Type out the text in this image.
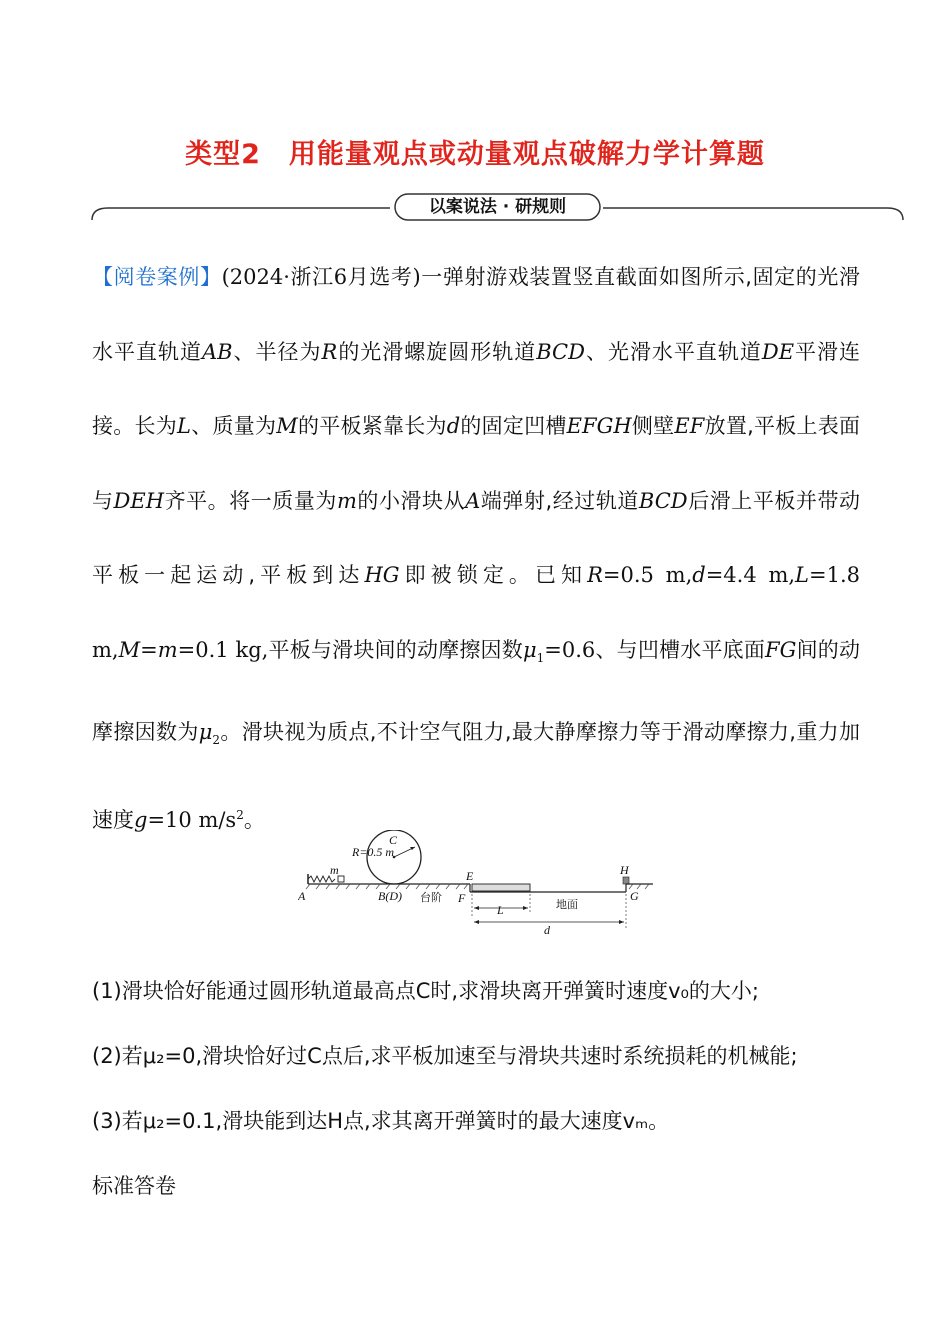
类型2　用能量观点或动量观点破解力学计算题
以案说法 · 研规则
【阅卷案例】(2024·浙江6月选考)一弹射游戏装置竖直截面如图所示,固定的光滑水平直轨道AB、半径为R的光滑螺旋圆形轨道BCD、光滑水平直轨道DE平滑连接。长为L、质量为M的平板紧靠长为d的固定凹槽EFGH侧壁EF放置,平板上表面与DEH齐平。将一质量为m的小滑块从A端弹射,经过轨道BCD后滑上平板并带动平板一起运动,平板到达HG即被锁定。已知R=0.5 m,d=4.4 m,L=1.8 m,M=m=0.1 kg,平板与滑块间的动摩擦因数$\mu_1=0.6$、与凹槽水平底面FG间的动摩擦因数为$\mu_2$。滑块视为质点,不计空气阻力,最大静摩擦力等于滑动摩擦力,重力加速度g=10 $m/s^2$。
R=0.5 m
C
m
A	B(D) 台阶
E
F
L	地面
H
G
d
(1)滑块恰好能通过圆形轨道最高点C时,求滑块离开弹簧时速度v₀的大小;
(2)若μ₂=0,滑块恰好过C点后,求平板加速至与滑块共速时系统损耗的机械能;
(3)若μ₂=0.1,滑块能到达H点,求其离开弹簧时的最大速度vₘ。
标准答卷
